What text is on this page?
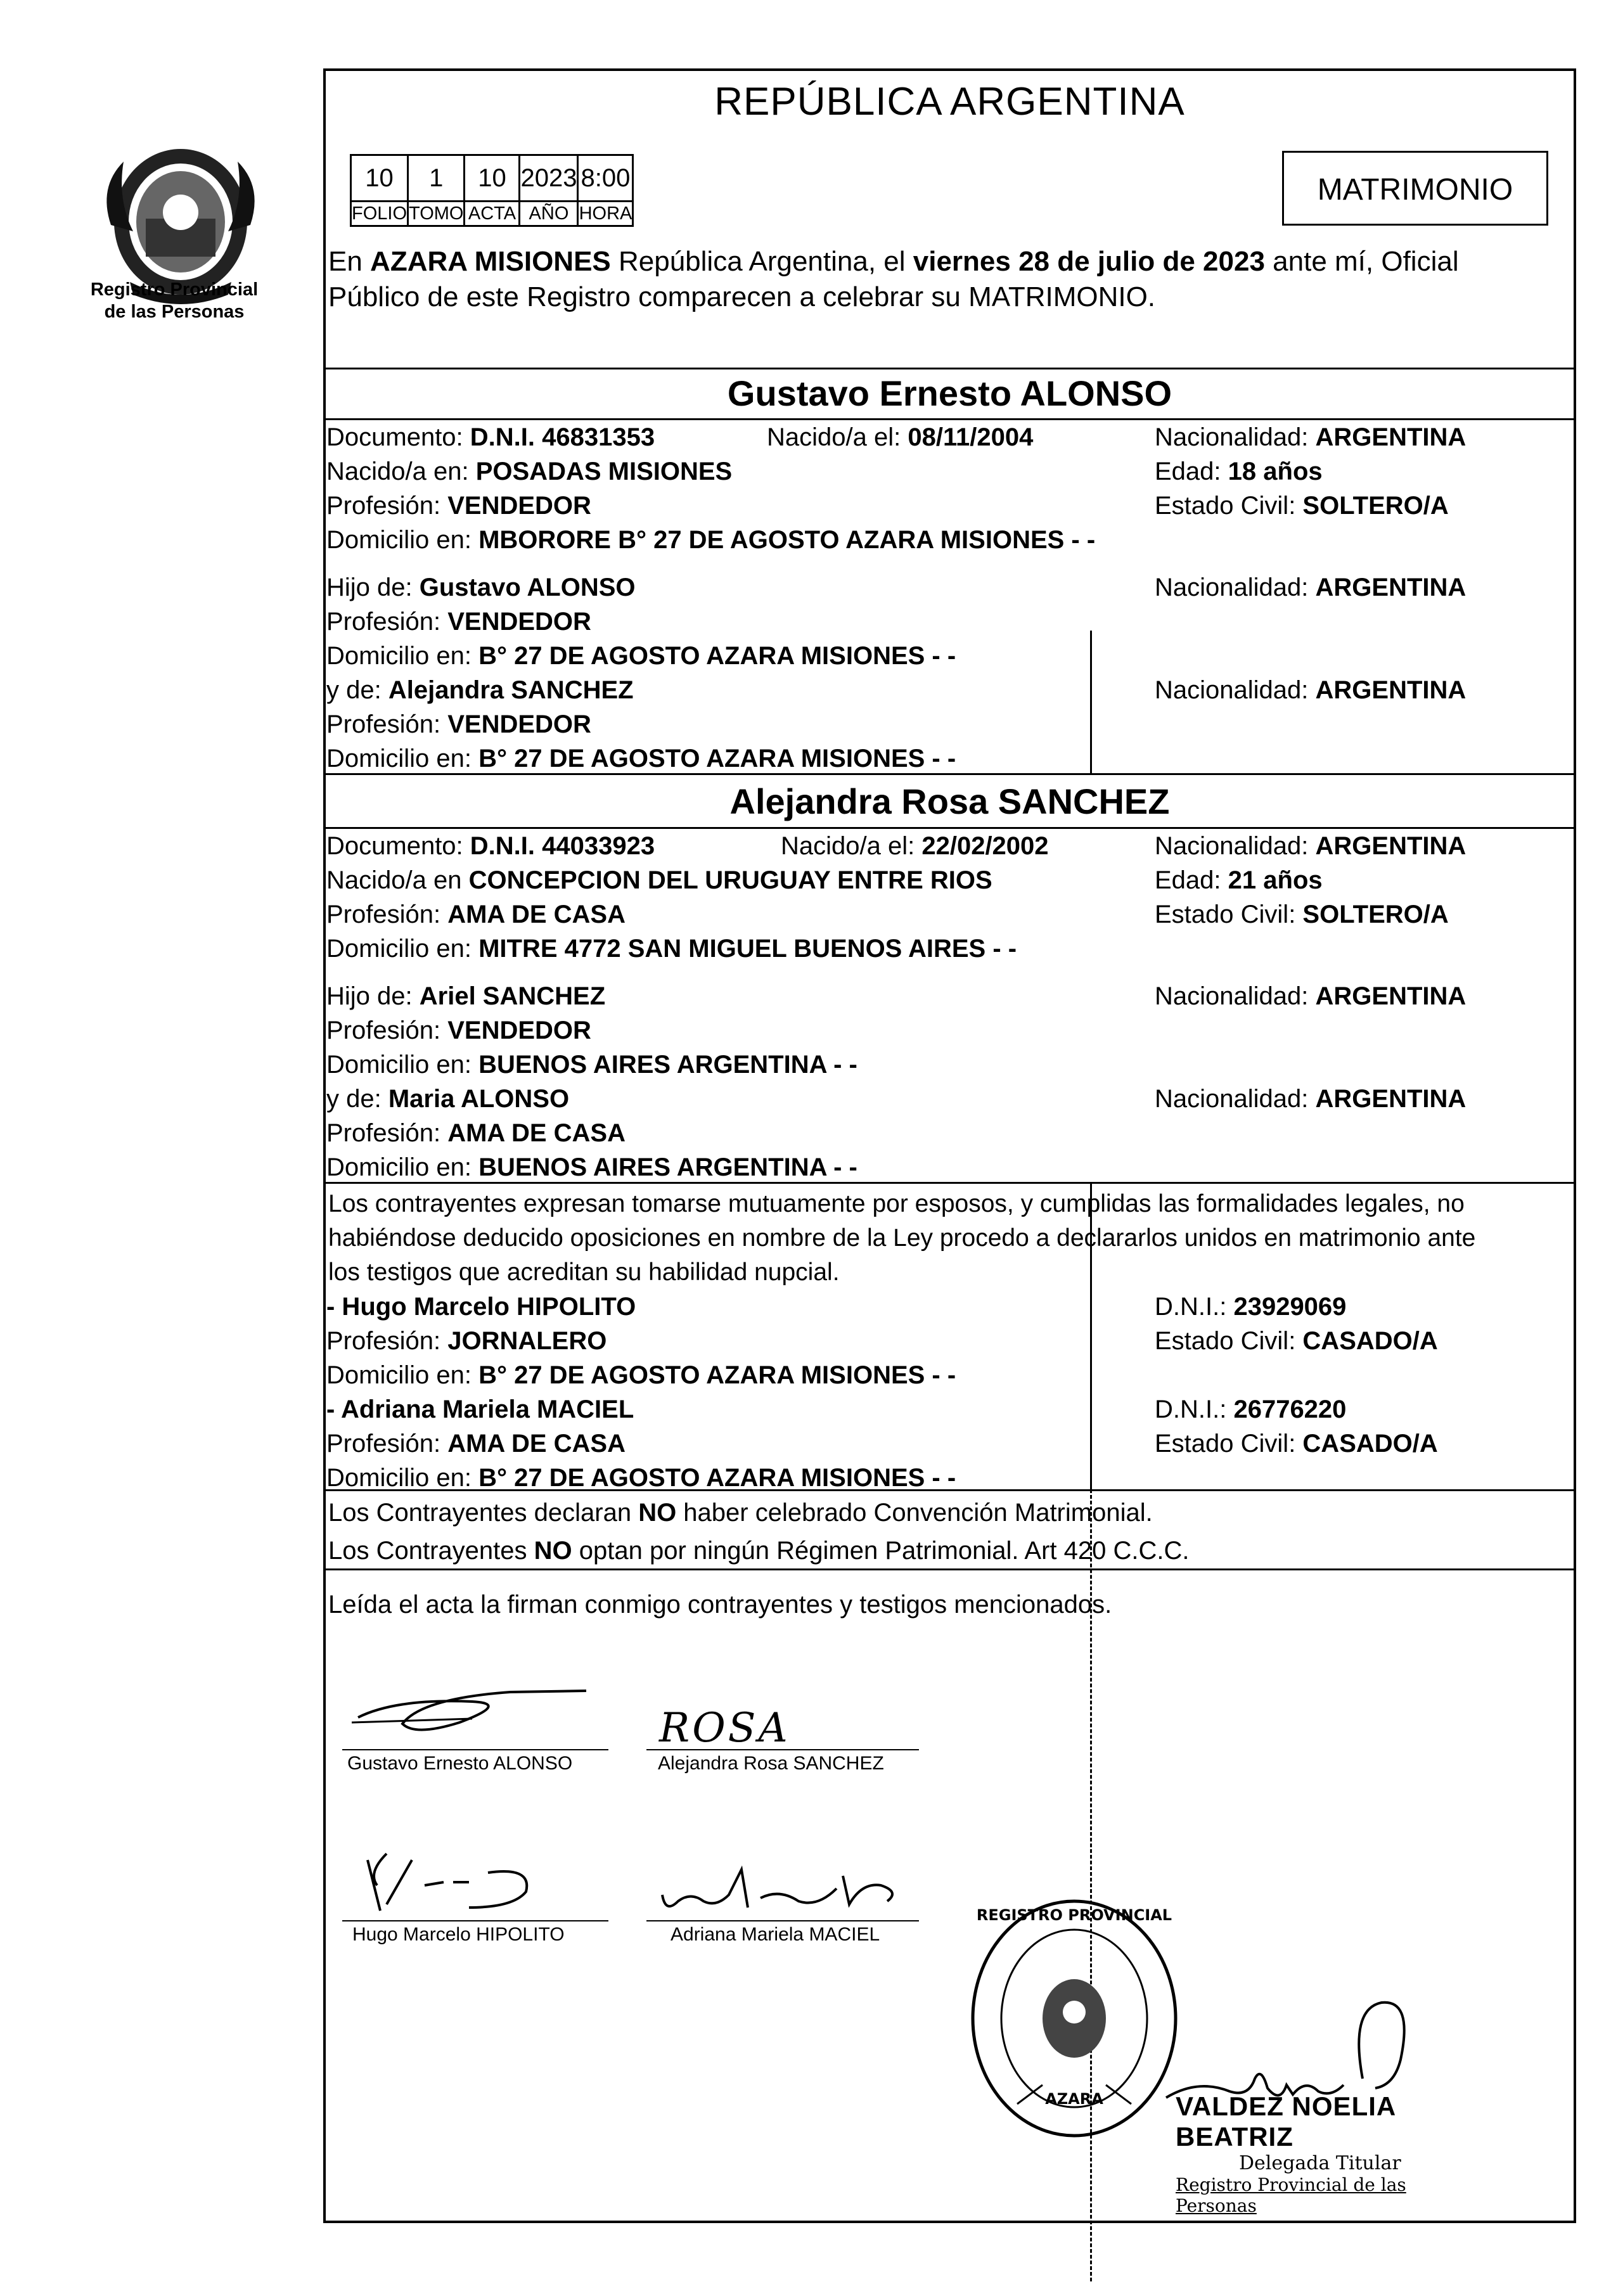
Registro Provincial
de las Personas
REPÚBLICA ARGENTINA
10	1	10	2023	8:00
FOLIO	TOMO	ACTA	AÑO	HORA
MATRIMONIO
En AZARA MISIONES República Argentina, el viernes 28 de julio de 2023 ante mí, Oficial
Público de este Registro comparecen a celebrar su MATRIMONIO.
Gustavo Ernesto ALONSO
Documento: D.N.I. 46831353	Nacido/a el: 08/11/2004	Nacionalidad: ARGENTINA
Nacido/a en: POSADAS MISIONES	Edad: 18 años
Profesión: VENDEDOR	Estado Civil: SOLTERO/A
Domicilio en: MBORORE B° 27 DE AGOSTO AZARA MISIONES - -
Hijo de: Gustavo ALONSO	Nacionalidad: ARGENTINA
Profesión: VENDEDOR
Domicilio en: B° 27 DE AGOSTO AZARA MISIONES - -
y de: Alejandra SANCHEZ	Nacionalidad: ARGENTINA
Profesión: VENDEDOR
Domicilio en: B° 27 DE AGOSTO AZARA MISIONES - -
Alejandra Rosa SANCHEZ
Documento: D.N.I. 44033923	Nacido/a el: 22/02/2002	Nacionalidad: ARGENTINA
Nacido/a en CONCEPCION DEL URUGUAY ENTRE RIOS	Edad: 21 años
Profesión: AMA DE CASA	Estado Civil: SOLTERO/A
Domicilio en: MITRE 4772 SAN MIGUEL BUENOS AIRES - -
Hijo de: Ariel SANCHEZ	Nacionalidad: ARGENTINA
Profesión: VENDEDOR
Domicilio en: BUENOS AIRES ARGENTINA - -
y de: Maria ALONSO	Nacionalidad: ARGENTINA
Profesión: AMA DE CASA
Domicilio en: BUENOS AIRES ARGENTINA - -
Los contrayentes expresan tomarse mutuamente por esposos, y cumplidas las formalidades legales, no
habiéndose deducido oposiciones en nombre de la Ley procedo a declararlos unidos en matrimonio ante
los testigos que acreditan su habilidad nupcial.
- Hugo Marcelo HIPOLITO	D.N.I.: 23929069
Profesión: JORNALERO	Estado Civil: CASADO/A
Domicilio en: B° 27 DE AGOSTO AZARA MISIONES - -
- Adriana Mariela MACIEL	D.N.I.: 26776220
Profesión: AMA DE CASA	Estado Civil: CASADO/A
Domicilio en: B° 27 DE AGOSTO AZARA MISIONES - -
Los Contrayentes declaran NO haber celebrado Convención Matrimonial.
Los Contrayentes NO optan por ningún Régimen Patrimonial. Art 420 C.C.C.
Leída el acta la firman conmigo contrayentes y testigos mencionados.
Gustavo Ernesto ALONSO
ROSA
Alejandra Rosa SANCHEZ
Hugo Marcelo HIPOLITO	Adriana Mariela MACIEL
REGISTRO PROVINCIAL
AZARA	VALDEZ NOELIA BEATRIZ
Delegada Titular
Registro Provincial de las Personas
